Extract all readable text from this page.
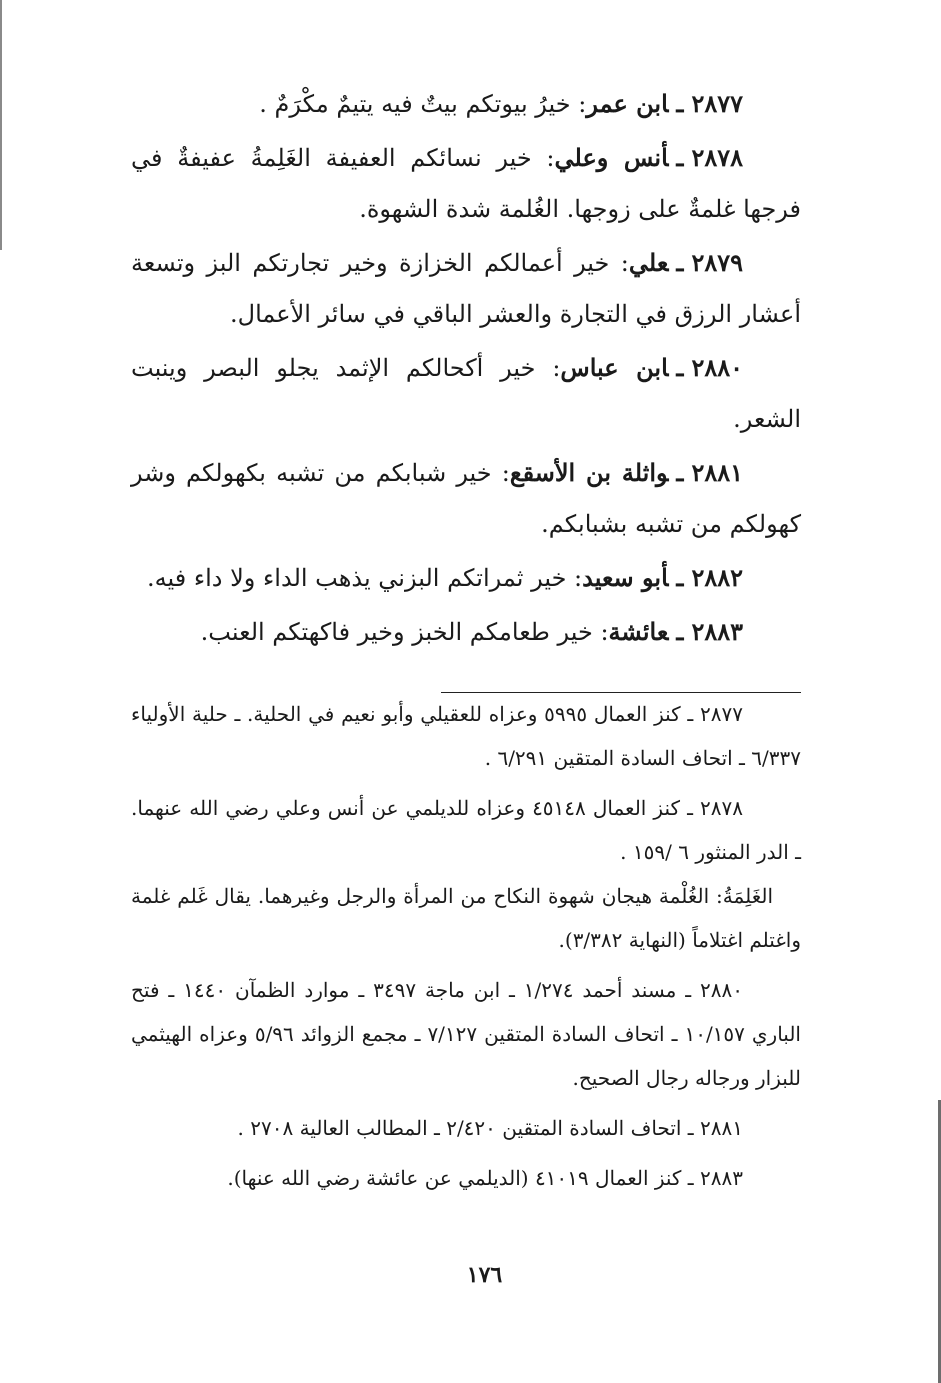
٢٨٧٧ـابن عمر: خيرُ بيوتكم بيتٌ فيه يتيمٌ مكْرَمٌ .

٢٨٧٨ـأنس وعلي: خير نسائكم العفيفة الغَلِمةُ عفيفةٌ في فرجها غلمةٌ على زوجها. الغُلمة شدة الشهوة.

٢٨٧٩ـعلي: خير أعمالكم الخزازة وخير تجارتكم البز وتسعة أعشار الرزق في التجارة والعشر الباقي في سائر الأعمال.

٢٨٨٠ـابن عباس: خير أكحالكم الإثمد يجلو البصر وينبت الشعر.

٢٨٨١ـواثلة بن الأسقع: خير شبابكم من تشبه بكهولكم وشر كهولكم من تشبه بشبابكم.

٢٨٨٢ـأبو سعيد: خير ثمراتكم البزني يذهب الداء ولا داء فيه.

٢٨٨٣ـعائشة: خير طعامكم الخبز وخير فاكهتكم العنب.

٢٨٧٧ ـ كنز العمال ٥٩٩٥ وعزاه للعقيلي وأبو نعيم في الحلية. ـ حلية الأولياء ٦/٣٣٧ ـ اتحاف السادة المتقين ٦/٢٩١ .

٢٨٧٨ ـ كنز العمال ٤٥١٤٨ وعزاه للديلمي عن أنس وعلي رضي الله عنهما. ـ الدر المنثور ٦ /١٥٩ .

الغَلِمَةُ: الغُلْمة هيجان شهوة النكاح من المرأة والرجل وغيرهما. يقال غَلم غلمة واغتلم اغتلاماً (النهاية ٣/٣٨٢).

٢٨٨٠ ـ مسند أحمد ١/٢٧٤ ـ ابن ماجة ٣٤٩٧ ـ موارد الظمآن ١٤٤٠ ـ فتح الباري ١٠/١٥٧ ـ اتحاف السادة المتقين ٧/١٢٧ ـ مجمع الزوائد ٥/٩٦ وعزاه الهيثمي للبزار ورجاله رجال الصحيح.

٢٨٨١ ـ اتحاف السادة المتقين ٢/٤٢٠ ـ المطالب العالية ٢٧٠٨ .

٢٨٨٣ ـ كنز العمال ٤١٠١٩ (الديلمي عن عائشة رضي الله عنها).

١٧٦
